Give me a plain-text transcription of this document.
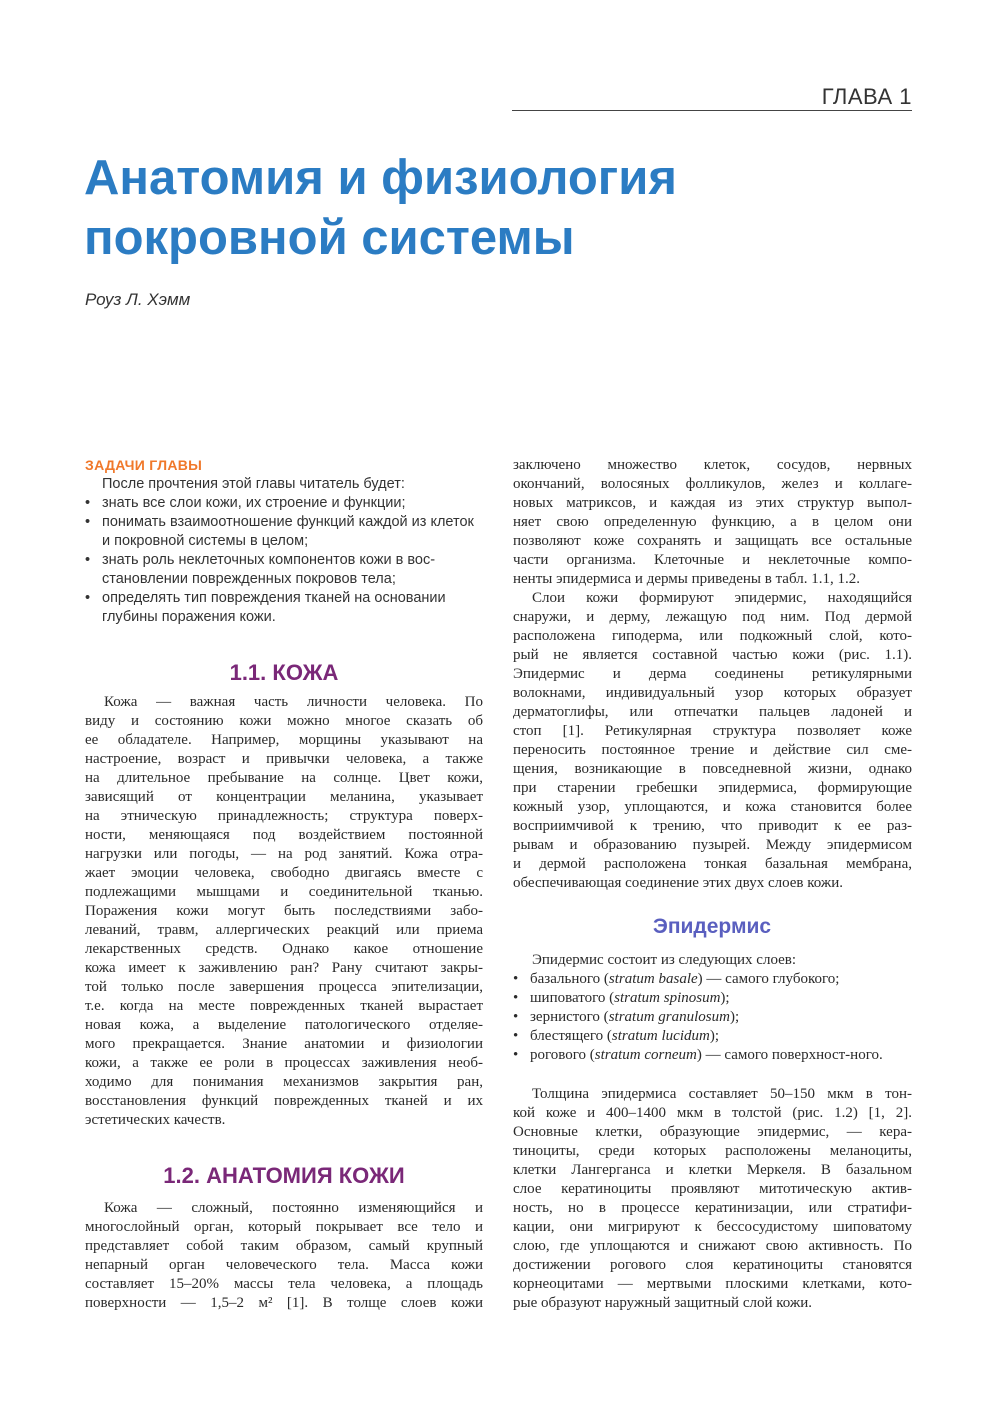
ГЛАВА 1
Анатомия и физиология
покровной системы
Роуз Л. Хэмм
ЗАДАЧИ ГЛАВЫ
После прочтения этой главы читатель будет:
• знать все слои кожи, их строение и функции;
• понимать взаимоотношение функций каждой из клеток и покровной системы в целом;
• знать роль неклеточных компонентов кожи в вос-становлении поврежденных покровов тела;
• определять тип повреждения тканей на основании глубины поражения кожи.
1.1. КОЖА
Кожа — важная часть личности человека. По
виду и состоянию кожи можно многое сказать об
ее обладателе. Например, морщины указывают на
настроение, возраст и привычки человека, а также
на длительное пребывание на солнце. Цвет кожи,
зависящий от концентрации меланина, указывает
на этническую принадлежность; структура поверх-
ности, меняющаяся под воздействием постоянной
нагрузки или погоды, — на род занятий. Кожа отра-
жает эмоции человека, свободно двигаясь вместе с
подлежащими мышцами и соединительной тканью.
Поражения кожи могут быть последствиями забо-
леваний, травм, аллергических реакций или приема
лекарственных средств. Однако какое отношение
кожа имеет к заживлению ран? Рану считают закры-
той только после завершения процесса эпителизации,
т.е. когда на месте поврежденных тканей вырастает
новая кожа, а выделение патологического отделяе-
мого прекращается. Знание анатомии и физиологии
кожи, а также ее роли в процессах заживления необ-
ходимо для понимания механизмов закрытия ран,
восстановления функций поврежденных тканей и их
эстетических качеств.
1.2. АНАТОМИЯ КОЖИ
Кожа — сложный, постоянно изменяющийся и
многослойный орган, который покрывает все тело и
представляет собой таким образом, самый крупный
непарный орган человеческого тела. Масса кожи
составляет 15–20% массы тела человека, а площадь
поверхности — 1,5–2 м² [1]. В толще слоев кожи
заключено множество клеток, сосудов, нервных
окончаний, волосяных фолликулов, желез и коллаге-
новых матриксов, и каждая из этих структур выпол-
няет свою определенную функцию, а в целом они
позволяют коже сохранять и защищать все остальные
части организма. Клеточные и неклеточные компо-
ненты эпидермиса и дермы приведены в табл. 1.1, 1.2.
Слои кожи формируют эпидермис, находящийся
снаружи, и дерму, лежащую под ним. Под дермой
расположена гиподерма, или подкожный слой, кото-
рый не является составной частью кожи (рис. 1.1).
Эпидермис и дерма соединены ретикулярными
волокнами, индивидуальный узор которых образует
дерматоглифы, или отпечатки пальцев ладоней и
стоп [1]. Ретикулярная структура позволяет коже
переносить постоянное трение и действие сил сме-
щения, возникающие в повседневной жизни, однако
при старении гребешки эпидермиса, формирующие
кожный узор, уплощаются, и кожа становится более
восприимчивой к трению, что приводит к ее раз-
рывам и образованию пузырей. Между эпидермисом
и дермой расположена тонкая базальная мембрана,
обеспечивающая соединение этих двух слоев кожи.
Эпидермис
Эпидермис состоит из следующих слоев:
• базального (stratum basale) — самого глубокого;
• шиповатого (stratum spinosum);
• зернистого (stratum granulosum);
• блестящего (stratum lucidum);
• рогового (stratum corneum) — самого поверхност-ного.
Толщина эпидермиса составляет 50–150 мкм в тон-
кой коже и 400–1400 мкм в толстой (рис. 1.2) [1, 2].
Основные клетки, образующие эпидермис, — кера-
тиноциты, среди которых расположены меланоциты,
клетки Лангерганса и клетки Меркеля. В базальном
слое кератиноциты проявляют митотическую актив-
ность, но в процессе кератинизации, или стратифи-
кации, они мигрируют к бессосудистому шиповатому
слою, где уплощаются и снижают свою активность. По
достижении рогового слоя кератиноциты становятся
корнеоцитами — мертвыми плоскими клетками, кото-
рые образуют наружный защитный слой кожи.
